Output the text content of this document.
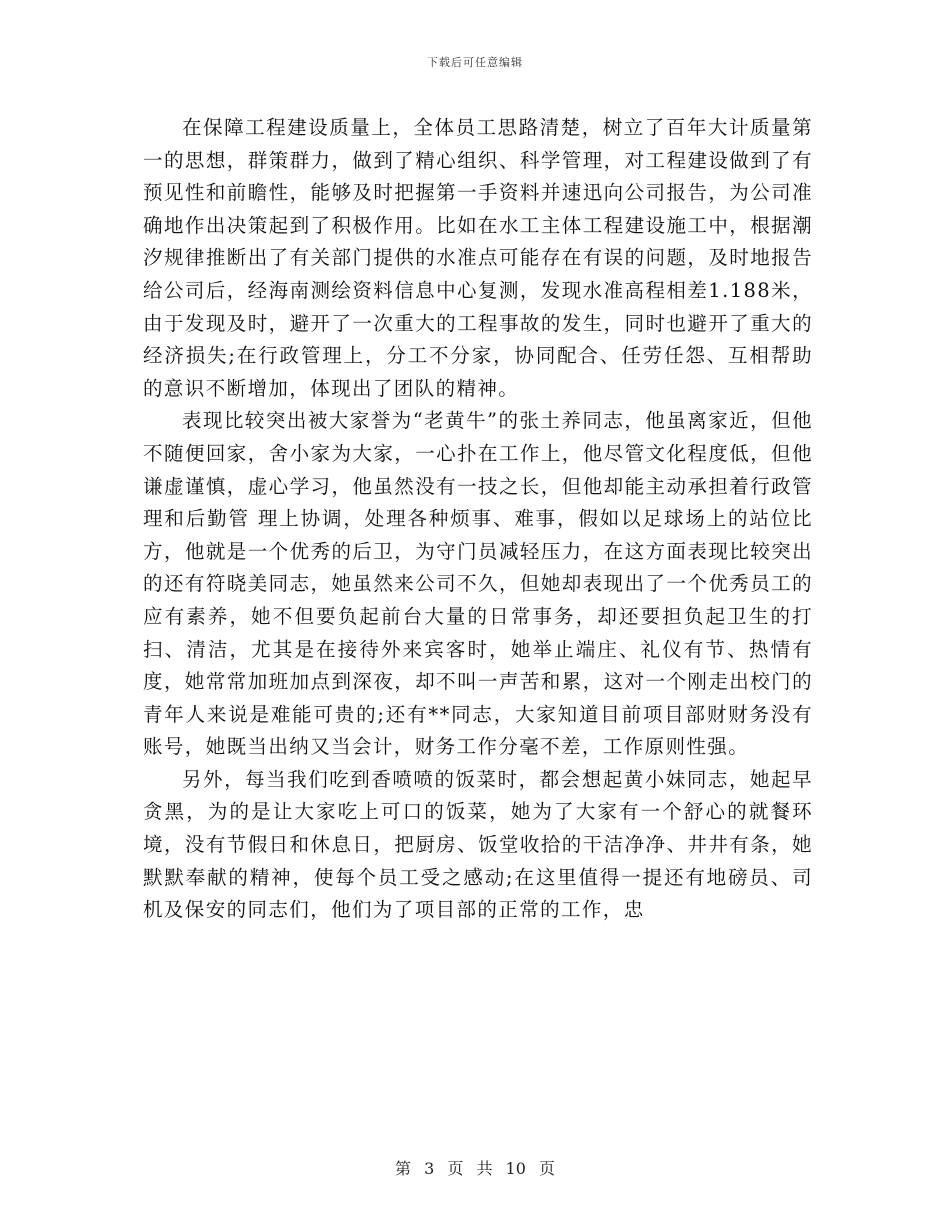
下载后可任意编辑

在保障工程建设质量上，全体员工思路清楚，树立了百年大计质量第一的思想，群策群力，做到了精心组织、科学管理，对工程建设做到了有预见性和前瞻性，能够及时把握第一手资料并速迅向公司报告，为公司准确地作出决策起到了积极作用。比如在水工主体工程建设施工中，根据潮汐规律推断出了有关部门提供的水准点可能存在有误的问题，及时地报告给公司后，经海南测绘资料信息中心复测，发现水准高程相差1.188米，由于发现及时，避开了一次重大的工程事故的发生，同时也避开了重大的经济损失;在行政管理上，分工不分家，协同配合、任劳任怨、互相帮助的意识不断增加，体现出了团队的精神。

表现比较突出被大家誉为“老黄牛”的张土养同志，他虽离家近，但他不随便回家，舍小家为大家，一心扑在工作上，他尽管文化程度低，但他谦虚谨慎，虚心学习，他虽然没有一技之长，但他却能主动承担着行政管理和后勤管 理上协调，处理各种烦事、难事，假如以足球场上的站位比方，他就是一个优秀的后卫，为守门员减轻压力，在这方面表现比较突出的还有符晓美同志，她虽然来公司不久，但她却表现出了一个优秀员工的应有素养，她不但要负起前台大量的日常事务，却还要担负起卫生的打扫、清洁，尤其是在接待外来宾客时，她举止端庄、礼仪有节、热情有度，她常常加班加点到深夜，却不叫一声苦和累，这对一个刚走出校门的青年人来说是难能可贵的;还有**同志，大家知道目前项目部财财务没有账号，她既当出纳又当会计，财务工作分毫不差，工作原则性强。

另外，每当我们吃到香喷喷的饭菜时，都会想起黄小妹同志，她起早贪黑，为的是让大家吃上可口的饭菜，她为了大家有一个舒心的就餐环境，没有节假日和休息日，把厨房、饭堂收拾的干洁净净、井井有条，她默默奉献的精神，使每个员工受之感动;在这里值得一提还有地磅员、司机及保安的同志们，他们为了项目部的正常的工作，忠

第 3 页 共 10 页
